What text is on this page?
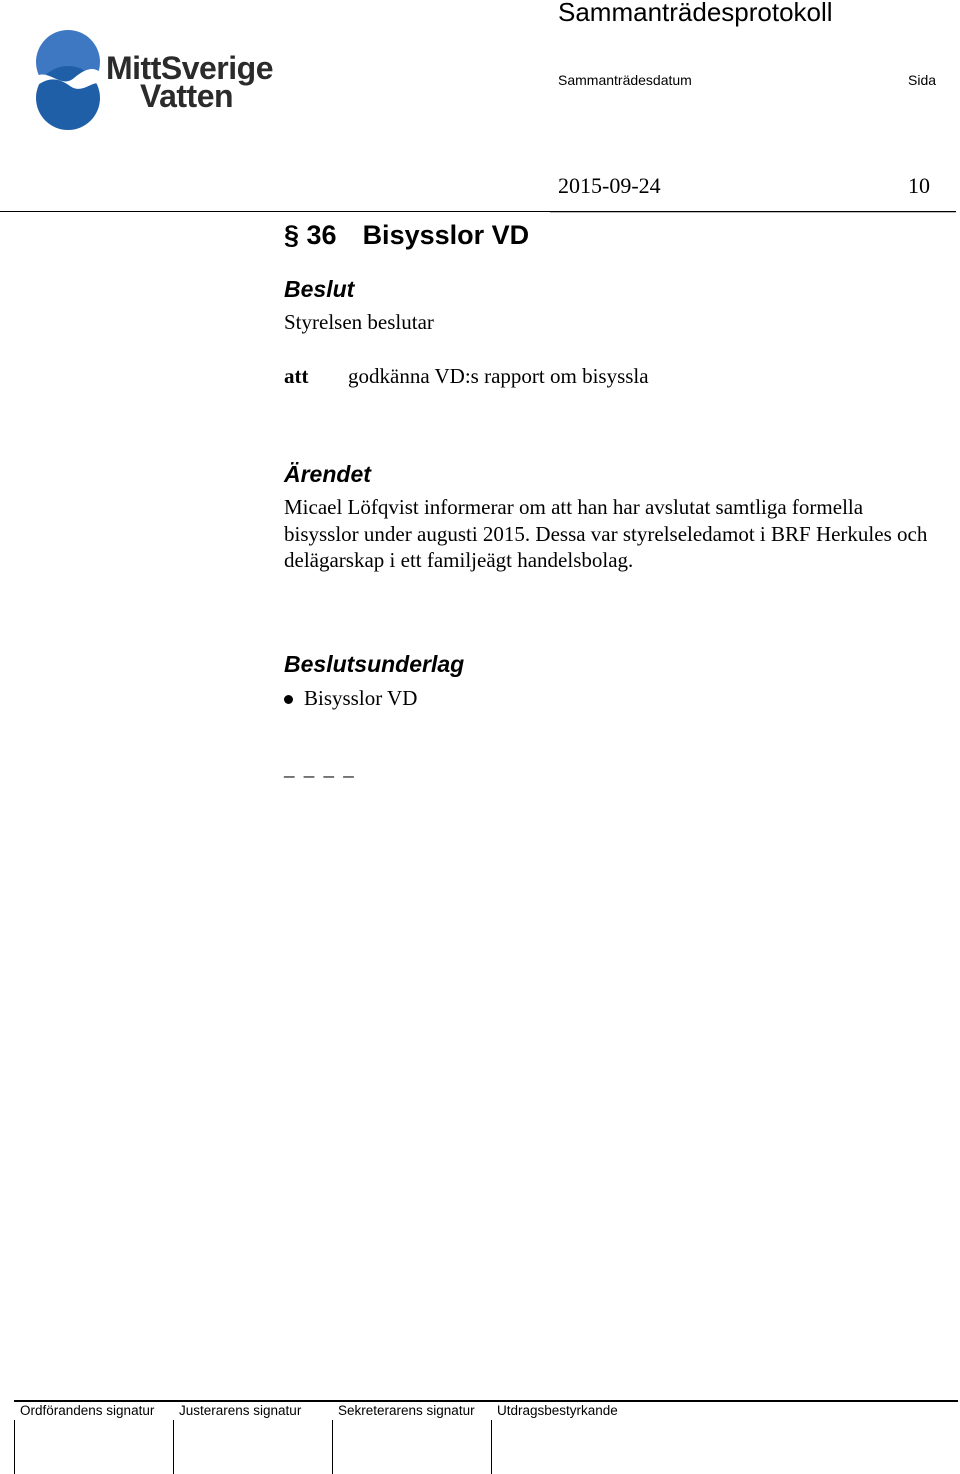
MittSverige
Vatten
Sammanträdesprotokoll
Sammanträdesdatum	Sida
2015-09-24	10
§ 36 Bisysslor VD
Beslut
Styrelsen beslutar
att godkänna VD:s rapport om bisyssla
Ärendet
Micael Löfqvist informerar om att han har avslutat samtliga formella bisysslor under augusti 2015. Dessa var styrelseledamot i BRF Herkules och delägarskap i ett familjeägt handelsbolag.
Beslutsunderlag
Bisysslor VD
_ _ _ _
Ordförandens signatur Justerarens signatur	Sekreterarens signatur Utdragsbestyrkande
